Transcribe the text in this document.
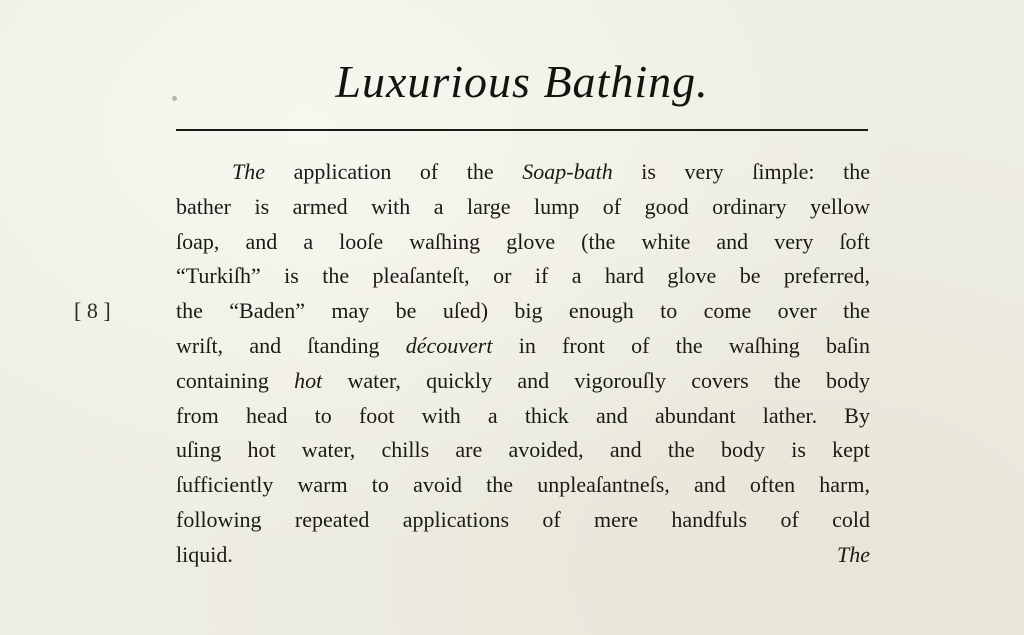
Luxurious Bathing.
[ 8 ]
The application of the Soap-bath is very ſimple: the
bather is armed with a large lump of good ordinary yellow
ſoap, and a looſe waſhing glove (the white and very ſoft
“Turkiſh” is the pleaſanteſt, or if a hard glove be preferred,
the “Baden” may be uſed) big enough to come over the
wriſt, and ſtanding découvert in front of the waſhing baſin
containing hot water, quickly and vigorouſly covers the body
from head to foot with a thick and abundant lather. By
uſing hot water, chills are avoided, and the body is kept
ſufficiently warm to avoid the unpleaſantneſs, and often harm,
following repeated applications of mere handfuls of cold
liquid.	The
